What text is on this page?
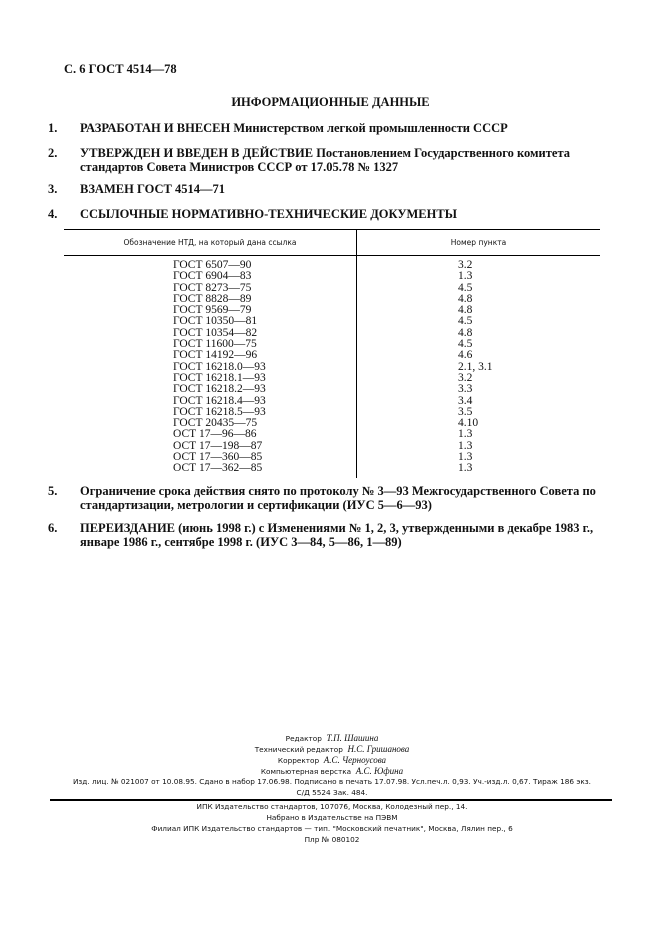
С. 6 ГОСТ 4514—78
ИНФОРМАЦИОННЫЕ ДАННЫЕ
1. РАЗРАБОТАН И ВНЕСЕН Министерством легкой промышленности СССР
2. УТВЕРЖДЕН И ВВЕДЕН В ДЕЙСТВИЕ Постановлением Государственного комитета стандартов Совета Министров СССР от 17.05.78 № 1327
3. ВЗАМЕН ГОСТ 4514—71
4. ССЫЛОЧНЫЕ НОРМАТИВНО-ТЕХНИЧЕСКИЕ ДОКУМЕНТЫ
Обозначение НТД, на который дана ссылка	Номер пункта
ГОСТ 6507—90	3.2
ГОСТ 6904—83	1.3
ГОСТ 8273—75	4.5
ГОСТ 8828—89	4.8
ГОСТ 9569—79	4.8
ГОСТ 10350—81	4.5
ГОСТ 10354—82	4.8
ГОСТ 11600—75	4.5
ГОСТ 14192—96	4.6
ГОСТ 16218.0—93	2.1, 3.1
ГОСТ 16218.1—93	3.2
ГОСТ 16218.2—93	3.3
ГОСТ 16218.4—93	3.4
ГОСТ 16218.5—93	3.5
ГОСТ 20435—75	4.10
ОСТ 17—96—86	1.3
ОСТ 17—198—87	1.3
ОСТ 17—360—85	1.3
ОСТ 17—362—85	1.3
5. Ограничение срока действия снято по протоколу № 3—93 Межгосударственного Совета по стандартизации, метрологии и сертификации (ИУС 5—6—93)
6. ПЕРЕИЗДАНИЕ (июнь 1998 г.) с Изменениями № 1, 2, 3, утвержденными в декабре 1983 г., январе 1986 г., сентябре 1998 г. (ИУС 3—84, 5—86, 1—89)
Редактор Т.П. Шашина
Технический редактор Н.С. Гришанова
Корректор А.С. Черноусова
Компьютерная верстка А.С. Юфина
Изд. лиц. № 021007 от 10.08.95. Сдано в набор 17.06.98. Подписано в печать 17.07.98. Усл.печ.л. 0,93. Уч.-изд.л. 0,67. Тираж 186 экз.
С/Д 5524 Зак. 484.
ИПК Издательство стандартов, 107076, Москва, Колодезный пер., 14.
Набрано в Издательстве на ПЭВМ
Филиал ИПК Издательство стандартов — тип. "Московский печатник", Москва, Лялин пер., 6
Плр № 080102
